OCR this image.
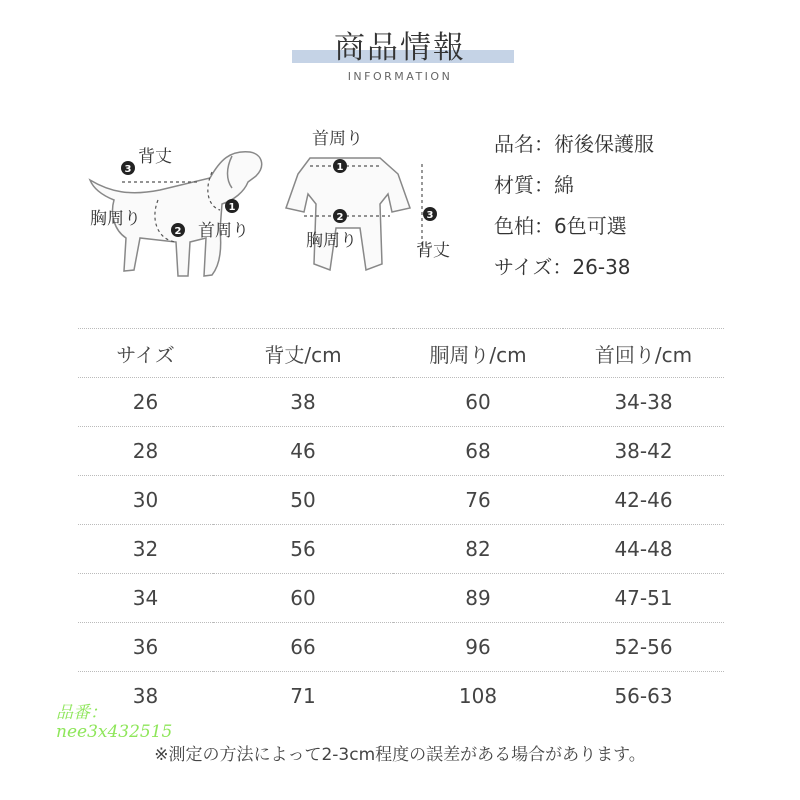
商品情報
INFORMATION
3
1
2
背丈
胸周り
首周り
1
2	3
首周り
胸周り	背丈
品名：術後保護服
材質：綿
色柏：6色可選
サイズ：26-38
サイズ	背丈/cm	胴周り/cm	首回り/cm
26	38	60	34-38
28	46	68	38-42
30	50	76	42-46
32	56	82	44-48
34	60	89	47-51
36	66	96	52-56
38	71	108	56-63
※測定の方法によって2-3cm程度の誤差がある場合があります。
品番：
nee3x432515
